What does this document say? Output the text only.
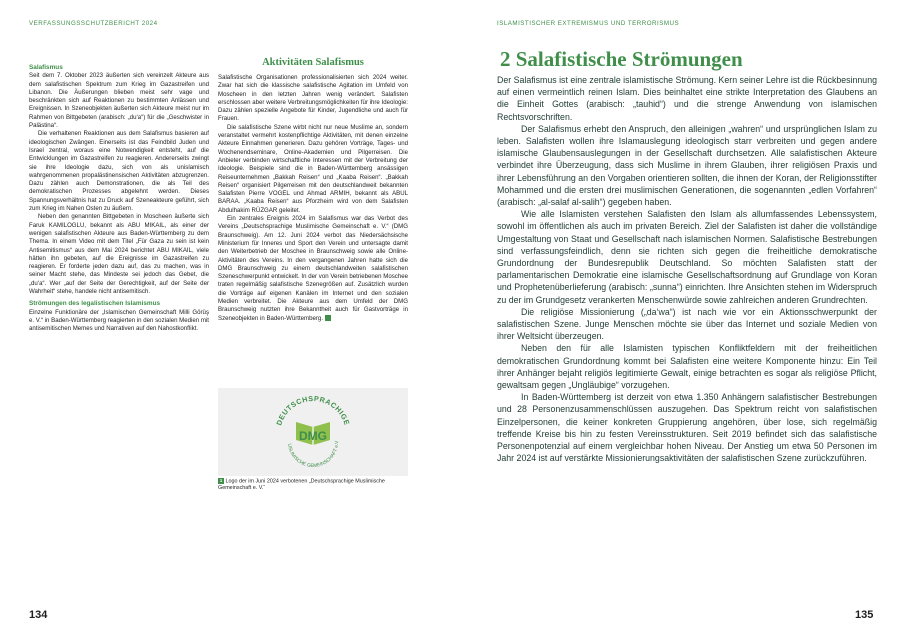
VERFASSUNGSSCHUTZBERICHT 2024
Salafismus

Seit dem 7. Oktober 2023 äußerten sich vereinzelt Akteure aus dem salafistischen Spektrum zum Krieg im Gazastreifen und Libanon. Die Äußerungen blieben meist sehr vage und beschränkten sich auf Reaktionen zu bestimmten Anlässen und Ereignissen. In Szeneobjekten äußerten sich Akteure meist nur im Rahmen von Bittgebeten (arabisch: „du‘a“) für die „Geschwister in Palästina“.

Die verhaltenen Reaktionen aus dem Salafismus basieren auf ideologischen Zwängen. Einerseits ist das Feindbild Juden und Israel zentral, woraus eine Notwendigkeit entsteht, auf die Entwicklungen im Gazastreifen zu reagieren. Andererseits zwingt sie ihre Ideologie dazu, sich von als unislamisch wahrgenommenen propalästinensischen Aktivitäten abzugrenzen. Dazu zählen auch Demonstrationen, die als Teil des demokratischen Prozesses abgelehnt werden. Dieses Spannungsverhältnis hat zu Druck auf Szeneakteure geführt, sich zum Krieg im Nahen Osten zu äußern.

Neben den genannten Bittgebeten in Moscheen äußerte sich Faruk KAMILOGLU, bekannt als ABU MIKAIL, als einer der wenigen salafistischen Akteure aus Baden-Württemberg zu dem Thema. In einem Video mit dem Titel „Für Gaza zu sein ist kein Antisemitismus“ aus dem Mai 2024 berichtet ABU MIKAIL, viele hätten ihn gebeten, auf die Ereignisse im Gazastreifen zu reagieren. Er forderte jeden dazu auf, das zu machen, was in seiner Macht stehe, das Mindeste sei jedoch das Gebet, die „du‘a“. Wer „auf der Seite der Gerechtigkeit, auf der Seite der Wahrheit“ stehe, handele nicht antisemitisch.

Strömungen des legalistischen Islamismus

Einzelne Funktionäre der „Islamischen Gemeinschaft Milli Görüş e. V.“ in Baden-Württemberg reagierten in den sozialen Medien mit antisemitischen Memes und Narrativen auf den Nahostkonflikt.

Aktivitäten Salafismus

Salafistische Organisationen professionalisierten sich 2024 weiter. Zwar hat sich die klassische salafistische Agitation im Umfeld von Moscheen in den letzten Jahren wenig verändert. Salafisten erschlossen aber weitere Verbreitungsmöglichkeiten für ihre Ideologie: Dazu zählen spezielle Angebote für Kinder, Jugendliche und auch für Frauen.

Die salafistische Szene wirbt nicht nur neue Muslime an, sondern veranstaltet vermehrt kostenpflichtige Aktivitäten, mit denen einzelne Akteure Einnahmen generieren. Dazu gehören Vorträge, Tages- und Wochenendseminare, Online-Akademien und Pilgerreisen. Die Anbieter verbinden wirtschaftliche Interessen mit der Verbreitung der Ideologie. Beispiele sind die in Baden-Württemberg ansässigen Reiseunternehmen „Bakkah Reisen“ und „Kaaba Reisen“. „Bakkah Reisen“ organisiert Pilgerreisen mit den deutschlandweit bekannten Salafisten Pierre VOGEL und Ahmad ARMIH, bekannt als ABUL BARAA. „Kaaba Reisen“ aus Pforzheim wird von dem Salafisten Abdulhakim RÜZGAR geleitet.

Ein zentrales Ereignis 2024 im Salafismus war das Verbot des Vereins „Deutschsprachige Muslimische Gemeinschaft e. V.“ (DMG Braunschweig). Am 12. Juni 2024 verbot das Niedersächsische Ministerium für Inneres und Sport den Verein und untersagte damit den Weiterbetrieb der Moschee in Braunschweig sowie alle Online-Aktivitäten des Vereins. In den vergangenen Jahren hatte sich die DMG Braunschweig zu einem deutschlandweiten salafistischen Szeneschwerpunkt entwickelt. In der von Verein betriebenen Moschee traten regelmäßig salafistische Szenegrößen auf. Zusätzlich wurden die Vorträge auf eigenen Kanälen im Internet und den sozialen Medien verbreitet. Die Akteure aus dem Umfeld der DMG Braunschweig nutzten ihre Bekanntheit auch für Gastvorträge in Szeneobjekten in Baden-Württemberg. 1

DEUTSCHSPRACHIGE
DMG
USLIMISCHE GEMEINSCHAFT e.V
1 Logo der im Juni 2024 verbotenen „Deutschsprachige Muslimische Gemeinschaft e. V.“
134
ISLAMISTISCHER EXTREMISMUS UND TERRORISMUS
135
2 Salafistische Strömungen

Der Salafismus ist eine zentrale islamistische Strömung. Kern seiner Lehre ist die Rückbesinnung auf einen vermeintlich reinen Islam. Dies beinhaltet eine strikte Interpretation des Glaubens an die Einheit Gottes (arabisch: „tauhid“) und die strenge Anwendung von islamischen Rechtsvorschriften.

Der Salafismus erhebt den Anspruch, den alleinigen „wahren“ und ursprünglichen Islam zu leben. Salafisten wollen ihre Islamauslegung ideologisch starr verbreiten und gegen andere islamische Glaubensauslegungen in der Gesellschaft durchsetzen. Alle salafistischen Akteure verbindet ihre Überzeugung, dass sich Muslime in ihrem Glauben, ihrer religiösen Praxis und ihrer Lebensführung an den Vorgaben orientieren sollten, die ihnen der Koran, der Religionsstifter Mohammed und die ersten drei muslimischen Generationen, die sogenannten „edlen Vorfahren“ (arabisch: „al-salaf al-salih“) gegeben haben.

Wie alle Islamisten verstehen Salafisten den Islam als allumfassendes Lebenssystem, sowohl im öffentlichen als auch im privaten Bereich. Ziel der Salafisten ist daher die vollständige Umgestaltung von Staat und Gesellschaft nach islamischen Normen. Salafistische Bestrebungen sind verfassungsfeindlich, denn sie richten sich gegen die freiheitliche demokratische Grundordnung der Bundesrepublik Deutschland. So möchten Salafisten statt der parlamentarischen Demokratie eine islamische Gesellschaftsordnung auf Grundlage von Koran und Prophetenüberlieferung (arabisch: „sunna“) einrichten. Ihre Ansichten stehen im Widerspruch zu der im Grundgesetz verankerten Menschenwürde sowie zahlreichen anderen Grundrechten.

Die religiöse Missionierung („da‘wa“) ist nach wie vor ein Aktionsschwerpunkt der salafistischen Szene. Junge Menschen möchte sie über das Internet und soziale Medien von ihrer Weltsicht überzeugen.

Neben den für alle Islamisten typischen Konfliktfeldern mit der freiheitlichen demokratischen Grundordnung kommt bei Salafisten eine weitere Komponente hinzu: Ein Teil ihrer Anhänger bejaht religiös legitimierte Gewalt, einige betrachten es sogar als religiöse Pflicht, gewaltsam gegen „Ungläubige“ vorzugehen.

In Baden-Württemberg ist derzeit von etwa 1.350 Anhängern salafistischer Bestrebungen und 28 Personenzusammenschlüssen auszugehen. Das Spektrum reicht von salafistischen Einzelpersonen, die keiner konkreten Gruppierung angehören, über lose, sich regelmäßig treffende Kreise bis hin zu festen Vereinsstrukturen. Seit 2019 befindet sich das salafistische Personenpotenzial auf einem vergleichbar hohen Niveau. Der Anstieg um etwa 50 Personen im Jahr 2024 ist auf verstärkte Missionierungsaktivitäten der salafistischen Szene zurückzuführen.
